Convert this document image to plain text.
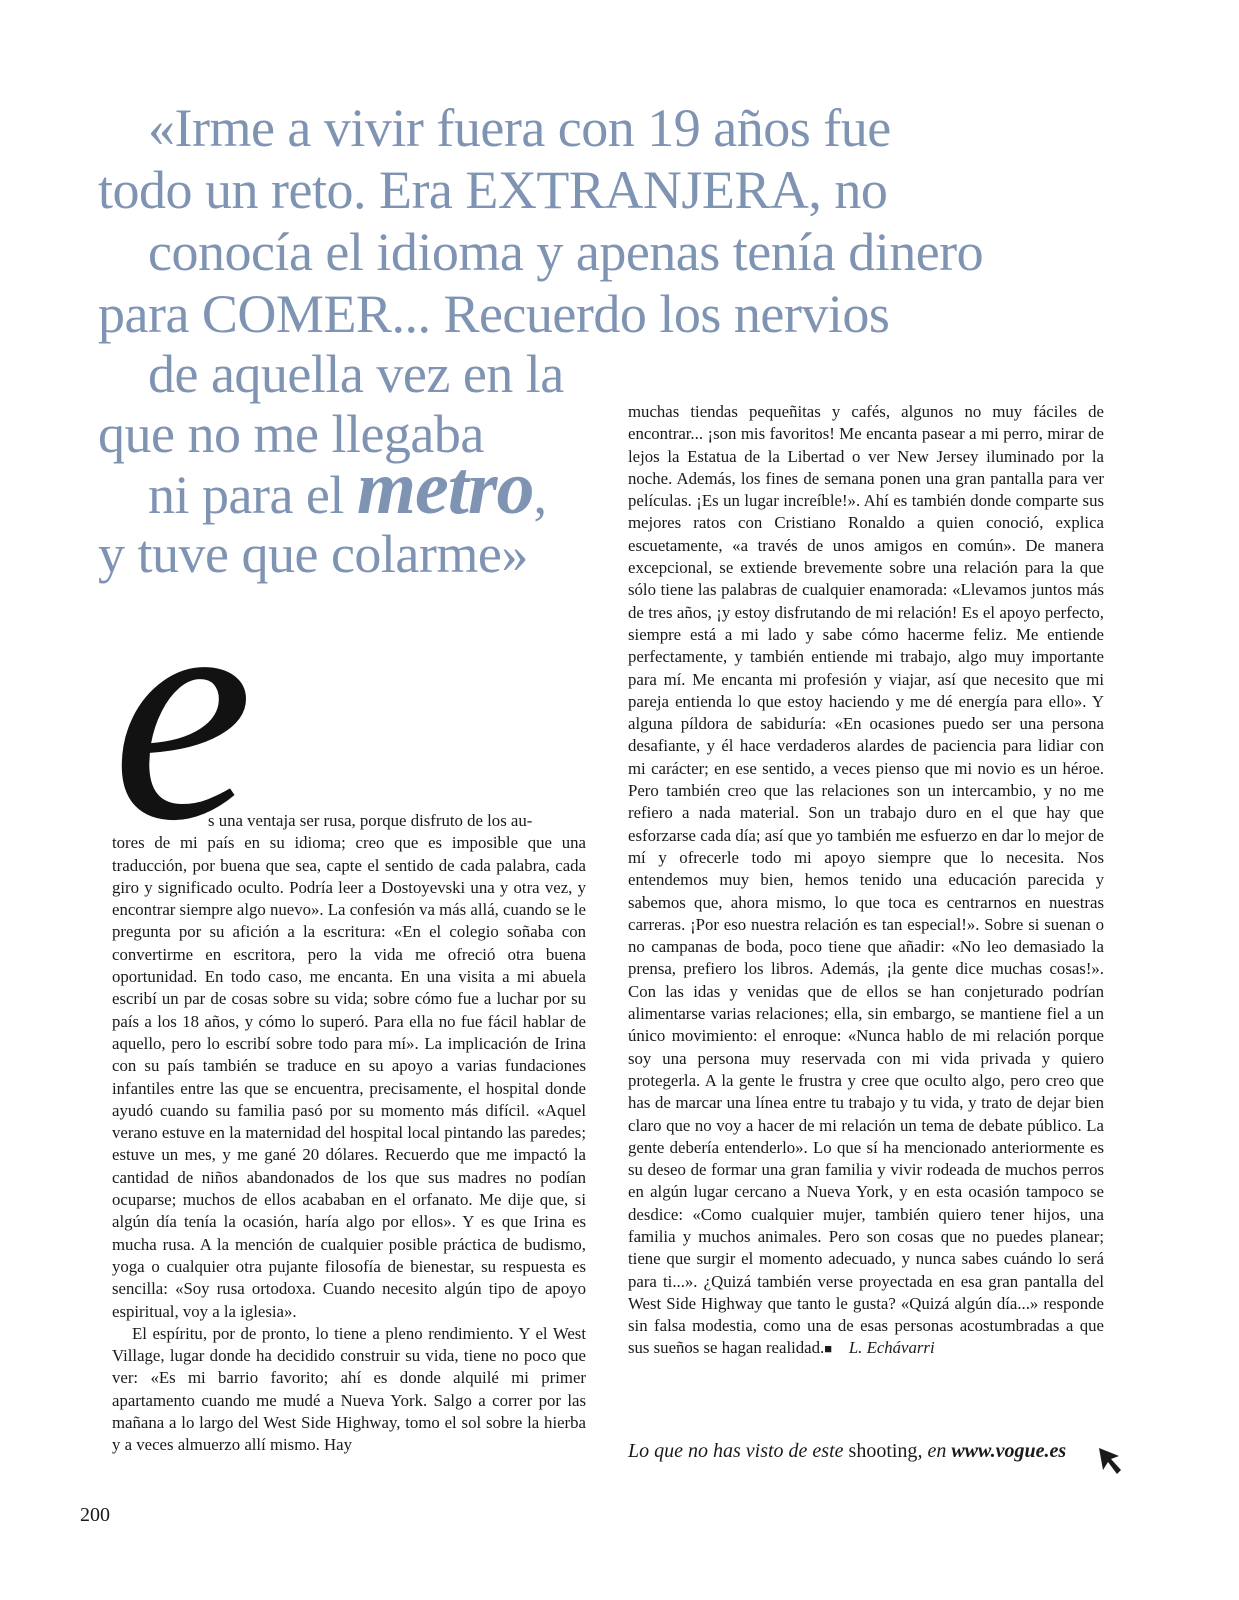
«Irme a vivir fuera con 19 años fue

todo un reto. Era EXTRANJERA, no

conocía el idioma y apenas tenía dinero

para COMER... Recuerdo los nervios

de aquella vez en la

que no me llegaba

ni para el metro,

y tuve que colarme»

e

s una ventaja ser rusa, porque disfruto de los au-
tores de mi país en su idioma; creo que es imposible que una traducción, por buena que sea, capte el sentido de cada palabra, cada giro y significado oculto. Podría leer a Dostoyevski una y otra vez, y encontrar siempre algo nuevo». La confesión va más allá, cuando se le pregunta por su afición a la escritura: «En el colegio soñaba con convertirme en escritora, pero la vida me ofreció otra buena oportunidad. En todo caso, me encanta. En una visita a mi abuela escribí un par de cosas sobre su vida; sobre cómo fue a luchar por su país a los 18 años, y cómo lo superó. Para ella no fue fácil hablar de aquello, pero lo escribí sobre todo para mí». La implicación de Irina con su país también se traduce en su apoyo a varias fundaciones infantiles entre las que se encuentra, precisamente, el hospital donde ayudó cuando su familia pasó por su momento más difícil. «Aquel verano estuve en la maternidad del hospital local pintando las paredes; estuve un mes, y me gané 20 dólares. Recuerdo que me impactó la cantidad de niños abandonados de los que sus madres no podían ocuparse; muchos de ellos acababan en el orfanato. Me dije que, si algún día tenía la ocasión, haría algo por ellos». Y es que Irina es mucha rusa. A la mención de cualquier posible práctica de budismo, yoga o cualquier otra pujante filosofía de bienestar, su respuesta es sencilla: «Soy rusa ortodoxa. Cuando necesito algún tipo de apoyo espiritual, voy a la iglesia».

El espíritu, por de pronto, lo tiene a pleno rendimiento. Y el West Village, lugar donde ha decidido construir su vida, tiene no poco que ver: «Es mi barrio favorito; ahí es donde alquilé mi primer apartamento cuando me mudé a Nueva York. Salgo a correr por las mañana a lo largo del West Side Highway, tomo el sol sobre la hierba y a veces almuerzo allí mismo. Hay

muchas tiendas pequeñitas y cafés, algunos no muy fáciles de encontrar... ¡son mis favoritos! Me encanta pasear a mi perro, mirar de lejos la Estatua de la Libertad o ver New Jersey iluminado por la noche. Además, los fines de semana ponen una gran pantalla para ver películas. ¡Es un lugar increíble!». Ahí es también donde comparte sus mejores ratos con Cristiano Ronaldo a quien conoció, explica escuetamente, «a través de unos amigos en común». De manera excepcional, se extiende brevemente sobre una relación para la que sólo tiene las palabras de cualquier enamorada: «Llevamos juntos más de tres años, ¡y estoy disfrutando de mi relación! Es el apoyo perfecto, siempre está a mi lado y sabe cómo hacerme feliz. Me entiende perfectamente, y también entiende mi trabajo, algo muy importante para mí. Me encanta mi profesión y viajar, así que necesito que mi pareja entienda lo que estoy haciendo y me dé energía para ello». Y alguna píldora de sabiduría: «En ocasiones puedo ser una persona desafiante, y él hace verdaderos alardes de paciencia para lidiar con mi carácter; en ese sentido, a veces pienso que mi novio es un héroe. Pero también creo que las relaciones son un intercambio, y no me refiero a nada material. Son un trabajo duro en el que hay que esforzarse cada día; así que yo también me esfuerzo en dar lo mejor de mí y ofrecerle todo mi apoyo siempre que lo necesita. Nos entendemos muy bien, hemos tenido una educación parecida y sabemos que, ahora mismo, lo que toca es centrarnos en nuestras carreras. ¡Por eso nuestra relación es tan especial!». Sobre si suenan o no campanas de boda, poco tiene que añadir: «No leo demasiado la prensa, prefiero los libros. Además, ¡la gente dice muchas cosas!». Con las idas y venidas que de ellos se han conjeturado podrían alimentarse varias relaciones; ella, sin embargo, se mantiene fiel a un único movimiento: el enroque: «Nunca hablo de mi relación porque soy una persona muy reservada con mi vida privada y quiero protegerla. A la gente le frustra y cree que oculto algo, pero creo que has de marcar una línea entre tu trabajo y tu vida, y trato de dejar bien claro que no voy a hacer de mi relación un tema de debate público. La gente debería entenderlo». Lo que sí ha mencionado anteriormente es su deseo de formar una gran familia y vivir rodeada de muchos perros en algún lugar cercano a Nueva York, y en esta ocasión tampoco se desdice: «Como cualquier mujer, también quiero tener hijos, una familia y muchos animales. Pero son cosas que no puedes planear; tiene que surgir el momento adecuado, y nunca sabes cuándo lo será para ti...». ¿Quizá también verse proyectada en esa gran pantalla del West Side Highway que tanto le gusta? «Quizá algún día...» responde sin falsa modestia, como una de esas personas acostumbradas a que sus sueños se hagan realidad.■ L. Echávarri

Lo que no has visto de este shooting, en www.vogue.es
200
